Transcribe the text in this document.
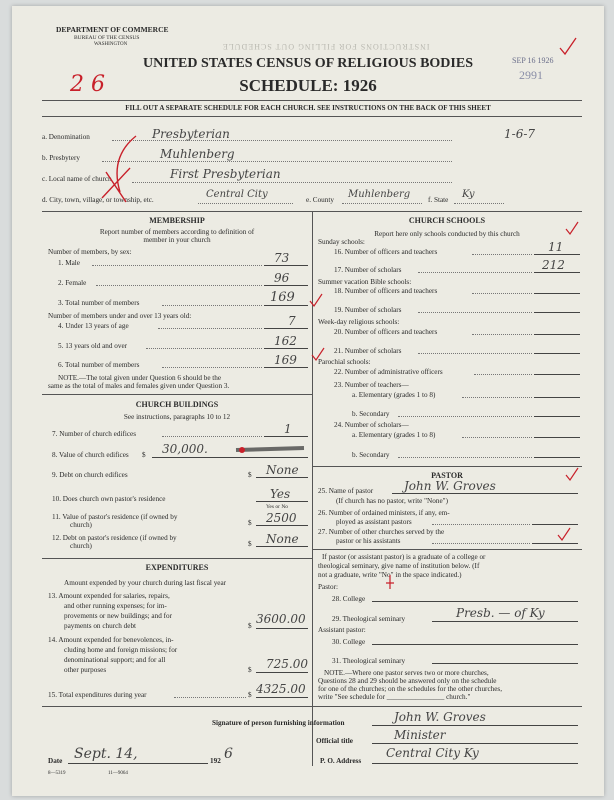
INSTRUCTIONS FOR FILLING OUT SCHEDULE
DEPARTMENT OF COMMERCE
BUREAU OF THE CENSUS
WASHINGTON
UNITED STATES CENSUS OF RELIGIOUS BODIES
SCHEDULE: 1926
2 6
SEP 16 1926
2991
FILL OUT A SEPARATE SCHEDULE FOR EACH CHURCH. SEE INSTRUCTIONS ON THE BACK OF THIS SHEET
a. Denomination	Presbyterian	1-6-7
b. Presbytery	Muhlenberg
c. Local name of church	First Presbyterian
d. City, town, village, or township, etc.	Central City	e. County Muhlenberg f. State Ky
MEMBERSHIP
Report number of members according to definition of
member in your church
Number of members, by sex:
1. Male	73
2. Female	96
3. Total number of members	169
Number of members under and over 13 years old:
4. Under 13 years of age	7
5. 13 years old and over	162
6. Total number of members	169
NOTE.—The total given under Question 6 should be the
same as the total of males and females given under Question 3.
CHURCH BUILDINGS
See instructions, paragraphs 10 to 12
7. Number of church edifices	1
8. Value of church edifices $ 30,000.
9. Debt on church edifices	$ None
10. Does church own pastor's residence	Yes
Yes or No
11. Value of pastor's residence (if owned by
church)	$ 2500
12. Debt on pastor's residence (if owned by
church)	$ None
EXPENDITURES
Amount expended by your church during last fiscal year
13. Amount expended for salaries, repairs,
and other running expenses; for im-
provements or new buildings; and for
payments on church debt	$ 3600.00
14. Amount expended for benevolences, in-
cluding home and foreign missions; for
denominational support; and for all
other purposes	$ 725.00
15. Total expenditures during year	$ 4325.00
CHURCH SCHOOLS
Report here only schools conducted by this church
Sunday schools:
16. Number of officers and teachers	11
17. Number of scholars	212
Summer vacation Bible schools:
18. Number of officers and teachers
19. Number of scholars
Week-day religious schools:
20. Number of officers and teachers
21. Number of scholars
Parochial schools:
22. Number of administrative officers
23. Number of teachers—
a. Elementary (grades 1 to 8)
b. Secondary
24. Number of scholars—
a. Elementary (grades 1 to 8)
b. Secondary
PASTOR
25. Name of pastor	John W. Groves
(If church has no pastor, write "None")
26. Number of ordained ministers, if any, em-
ployed as assistant pastors
27. Number of other churches served by the
pastor or his assistants
If pastor (or assistant pastor) is a graduate of a college or
theological seminary, give name of institution below. (If
not a graduate, write "No" in the space indicated.)
Pastor:
28. College
29. Theological seminary	Presb. — of Ky
Assistant pastor:
30. College
31. Theological seminary
NOTE.—Where one pastor serves two or more churches,
Questions 28 and 29 should be answered only on the schedule
for one of the churches; on the schedules for the other churches,
write "See schedule for ________________ church."
Signature of person furnishing information	John W. Groves
Official title	Minister
Date Sept. 14,	192 6	P. O. Address
Central City Ky
8—5319	11—9064
